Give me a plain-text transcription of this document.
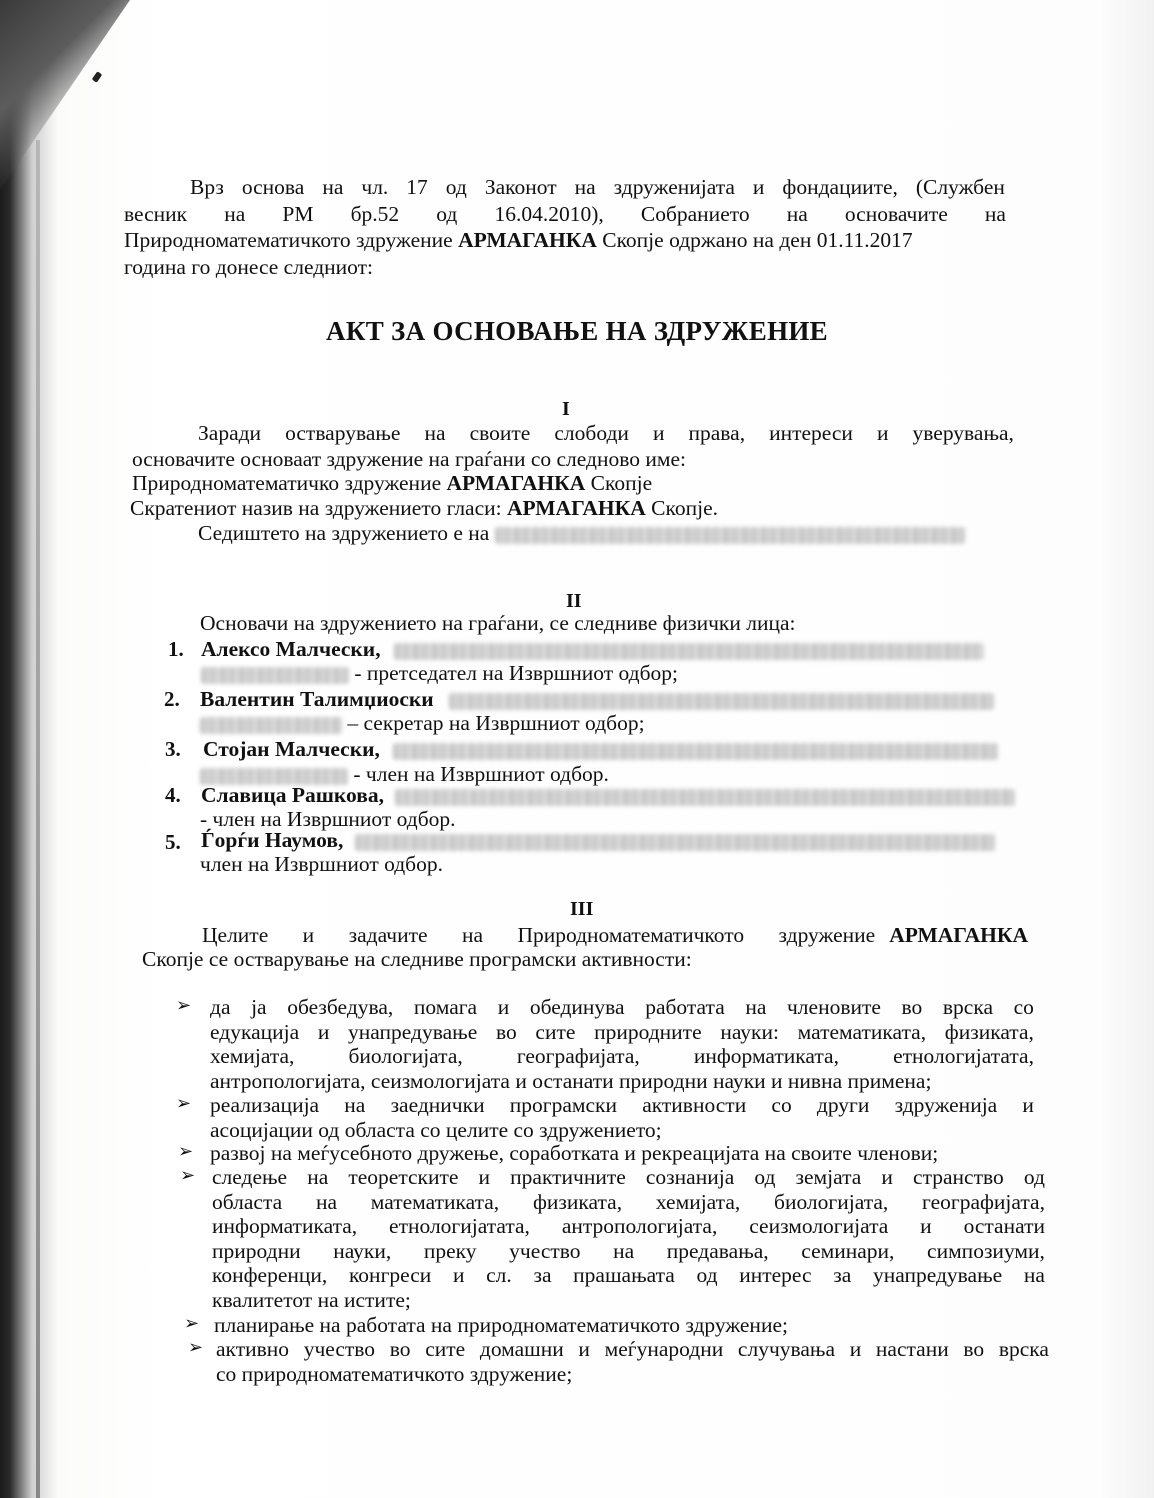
Врз основа на чл. 17 од Законот на здруженијата и фондациите, (Службен
весник на РМ бр.52 од 16.04.2010), Собранието на основачите на
Природноматематичкото здружение АРМАГАНКА Скопје одржано на ден 01.11.2017
година го донесе следниот:
АКТ ЗА ОСНОВАЊЕ НА ЗДРУЖЕНИЕ
I
Заради остварување на своите слободи и права, интереси и уверувања,
основачите основаат здружение на граѓани со следново име:
Природноматематичко здружение АРМАГАНКА Скопје
Скратениот назив на здружението гласи: АРМАГАНКА Скопје.
Седиштето на здружението е на
II
Основачи на здружението на граѓани, се следниве физички лица:
1. Алексо Малчески,
- претседател на Извршниот одбор;
2. Валентин Талимџиоски
– секретар на Извршниот одбор;
3. Стојан Малчески,
- член на Извршниот одбор.
4. Славица Рашкова,
- член на Извршниот одбор.
5. Ѓорѓи Наумов,
член на Извршниот одбор.
III
Целите и задачите на Природноматематичкото здружение АРМАГАНКА
Скопје се остварување на следниве програмски активности:
➢ да ја обезбедува, помага и обединува работата на членовите во врска со
едукација и унапредување во сите природните науки: математиката, физиката,
хемијата,	биологијата,	географијата,	информатиката,	етнологијатата,
антропологијата, сеизмологијата и останати природни науки и нивна примена;
➢ реализација на заеднички програмски активности со други здруженија и
асоцијации од областа со целите со здружението;
➢ развој на меѓусебното дружење, соработката и рекреацијата на своите членови;
➢ следење на теоретските и практичните сознанија од земјата и странство од
областа на математиката, физиката, хемијата, биологијата, географијата,
информатиката, етнологијатата, антропологијата, сеизмологијата и останати
природни науки, преку учество на предавања, семинари, симпозиуми,
конференци, конгреси и сл. за прашањата од интерес за унапредување на
квалитетот на истите;
➢ планирање на работата на природноматематичкото здружение;
➢ активно учество во сите домашни и меѓународни случувања и настани во врска
со природноматематичкото здружение;
